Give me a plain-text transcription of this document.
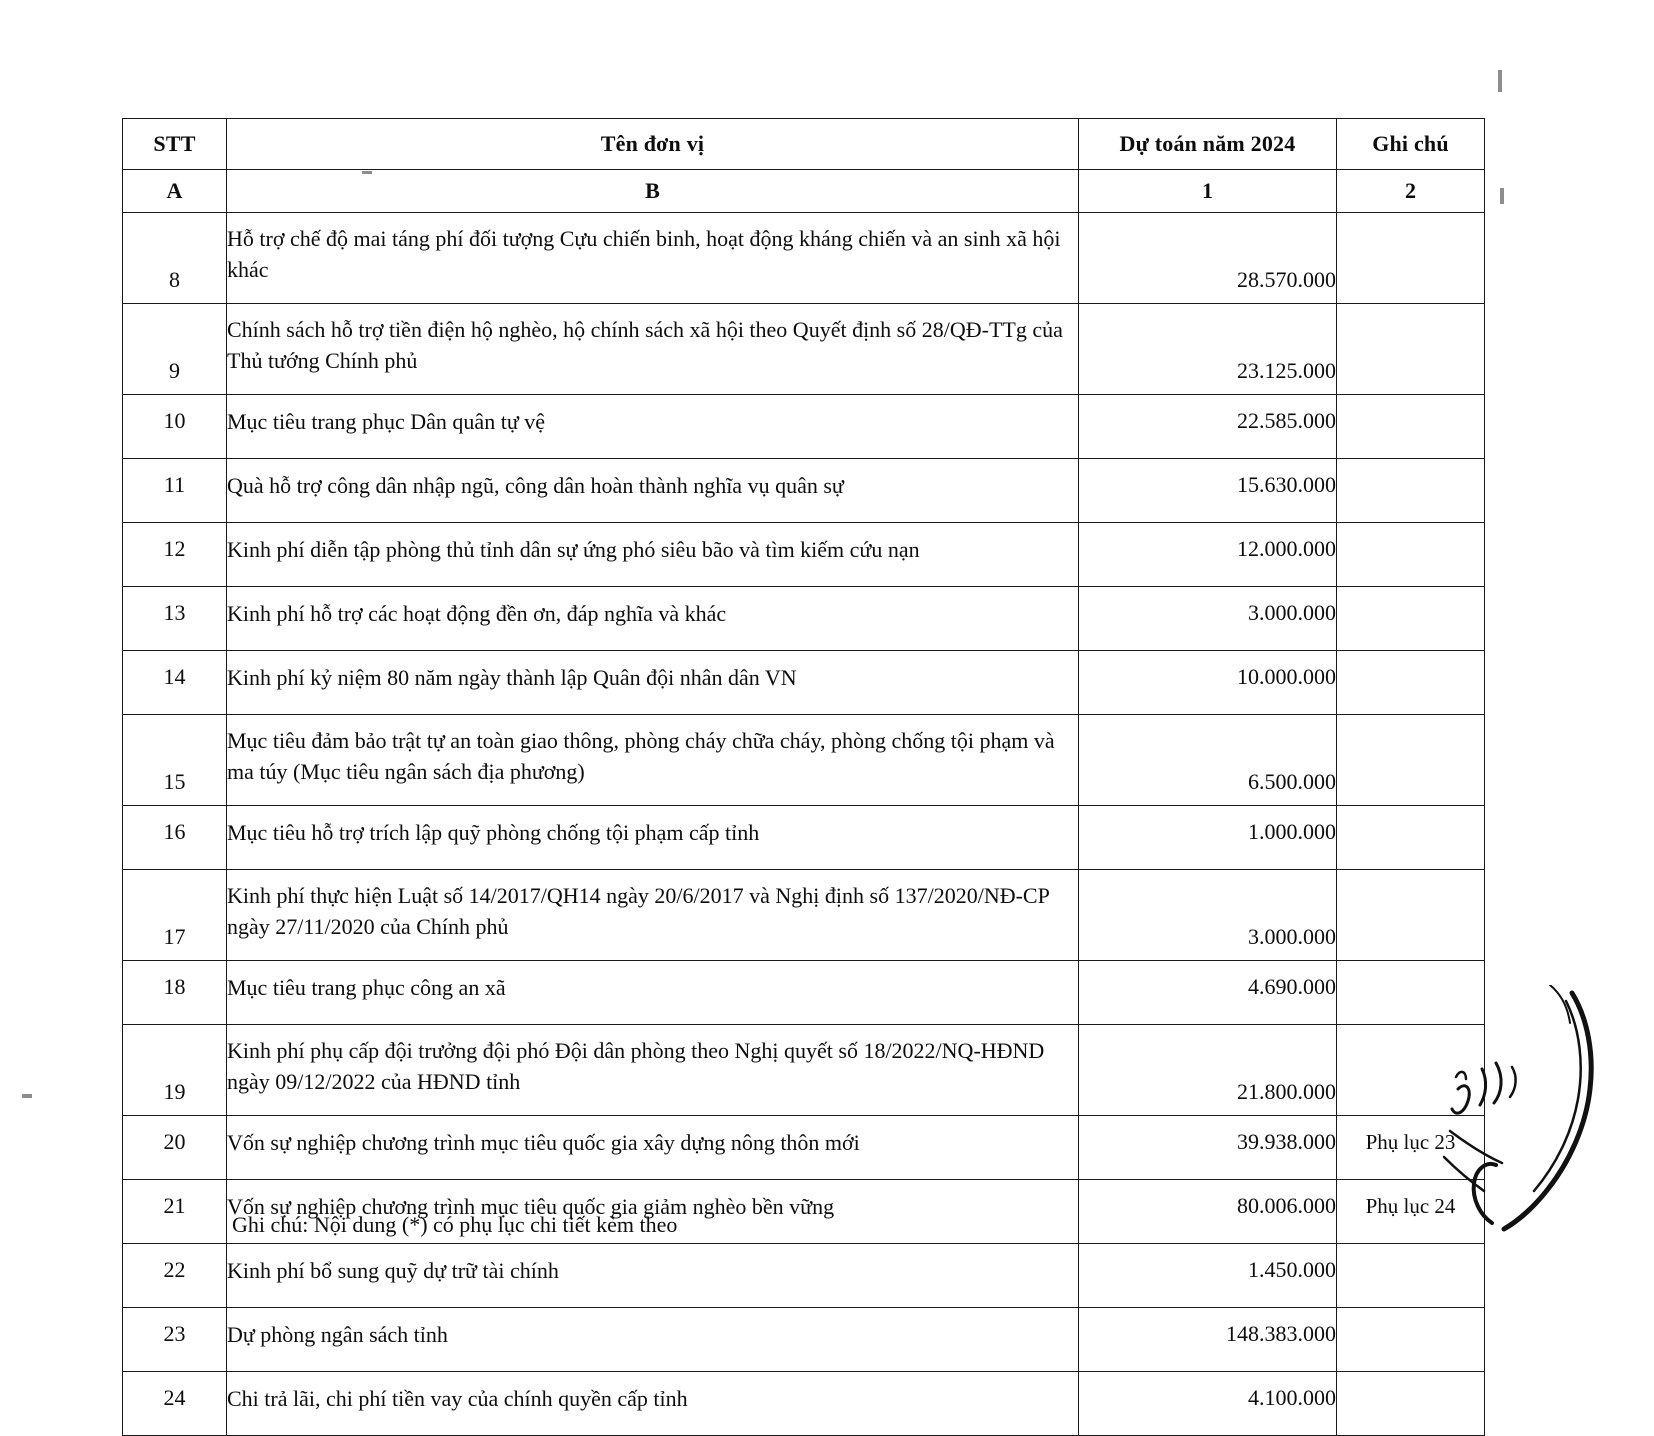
STT	Tên đơn vị	Dự toán năm 2024	Ghi chú
A	B	1	2
8	Hỗ trợ chế độ mai táng phí đối tượng Cựu chiến binh, hoạt động kháng chiến và an sinh xã hội khác	28.570.000	
9	Chính sách hỗ trợ tiền điện hộ nghèo, hộ chính sách xã hội theo Quyết định số 28/QĐ-TTg của Thủ tướng Chính phủ	23.125.000	
10	Mục tiêu trang phục Dân quân tự vệ	22.585.000	
11	Quà hỗ trợ công dân nhập ngũ, công dân hoàn thành nghĩa vụ quân sự	15.630.000	
12	Kinh phí diễn tập phòng thủ tỉnh dân sự ứng phó siêu bão và tìm kiếm cứu nạn	12.000.000	
13	Kinh phí hỗ trợ các hoạt động đền ơn, đáp nghĩa và khác	3.000.000	
14	Kinh phí kỷ niệm 80 năm ngày thành lập Quân đội nhân dân VN	10.000.000	
15	Mục tiêu đảm bảo trật tự an toàn giao thông, phòng cháy chữa cháy, phòng chống tội phạm và ma túy (Mục tiêu ngân sách địa phương)	6.500.000	
16	Mục tiêu hỗ trợ trích lập quỹ phòng chống tội phạm cấp tỉnh	1.000.000	
17	Kinh phí thực hiện Luật số 14/2017/QH14 ngày 20/6/2017 và Nghị định số 137/2020/NĐ-CP ngày 27/11/2020 của Chính phủ	3.000.000	
18	Mục tiêu trang phục công an xã	4.690.000	
19	Kinh phí phụ cấp đội trưởng đội phó Đội dân phòng theo Nghị quyết số 18/2022/NQ-HĐND ngày 09/12/2022 của HĐND tỉnh	21.800.000	
20	Vốn sự nghiệp chương trình mục tiêu quốc gia xây dựng nông thôn mới	39.938.000	Phụ lục 23
21	Vốn sự nghiệp chương trình mục tiêu quốc gia giảm nghèo bền vững	80.006.000	Phụ lục 24
22	Kinh phí bổ sung quỹ dự trữ tài chính	1.450.000	
23	Dự phòng ngân sách tỉnh	148.383.000	
24	Chi trả lãi, chi phí tiền vay của chính quyền cấp tỉnh	4.100.000	
Ghi chú: Nội dung (*) có phụ lục chi tiết kèm theo
